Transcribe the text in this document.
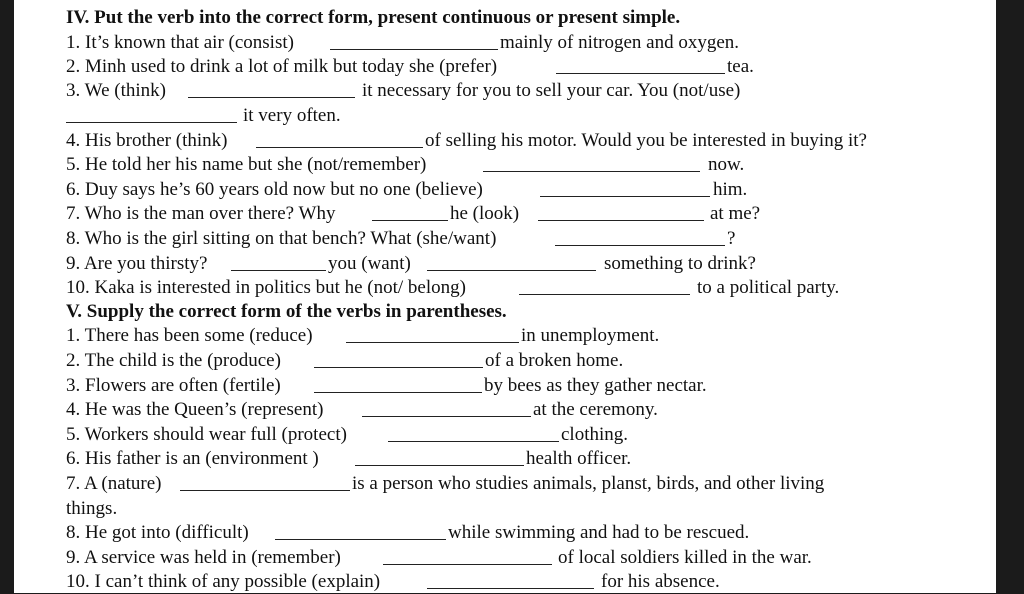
IV. Put the verb into the correct form, present continuous or present simple.
1. It’s known that air (consist)	mainly of nitrogen and oxygen.
2. Minh used to drink a lot of milk but today she (prefer)	tea.
3. We (think)	it necessary for you to sell your car. You (not/use)
it very often.
4. His brother (think)	of selling his motor. Would you be interested in buying it?
5. He told her his name but she (not/remember)	now.
6. Duy says he’s 60 years old now but no one (believe)	him.
7. Who is the man over there? Why	he (look)	at me?
8. Who is the girl sitting on that bench? What (she/want)	?
9. Are you thirsty?	you (want)	something to drink?
10. Kaka is interested in politics but he (not/ belong)	to a political party.
V. Supply the correct form of the verbs in parentheses.
1. There has been some (reduce)	in unemployment.
2. The child is the (produce)	of a broken home.
3. Flowers are often (fertile)	by bees as they gather nectar.
4. He was the Queen’s (represent)	at the ceremony.
5. Workers should wear full (protect)	clothing.
6. His father is an (environment )	health officer.
7. A (nature)	is a person who studies animals, planst, birds, and other living
things.
8. He got into (difficult)	while swimming and had to be rescued.
9. A service was held in (remember)	of local soldiers killed in the war.
10. I can’t think of any possible (explain)	for his absence.
